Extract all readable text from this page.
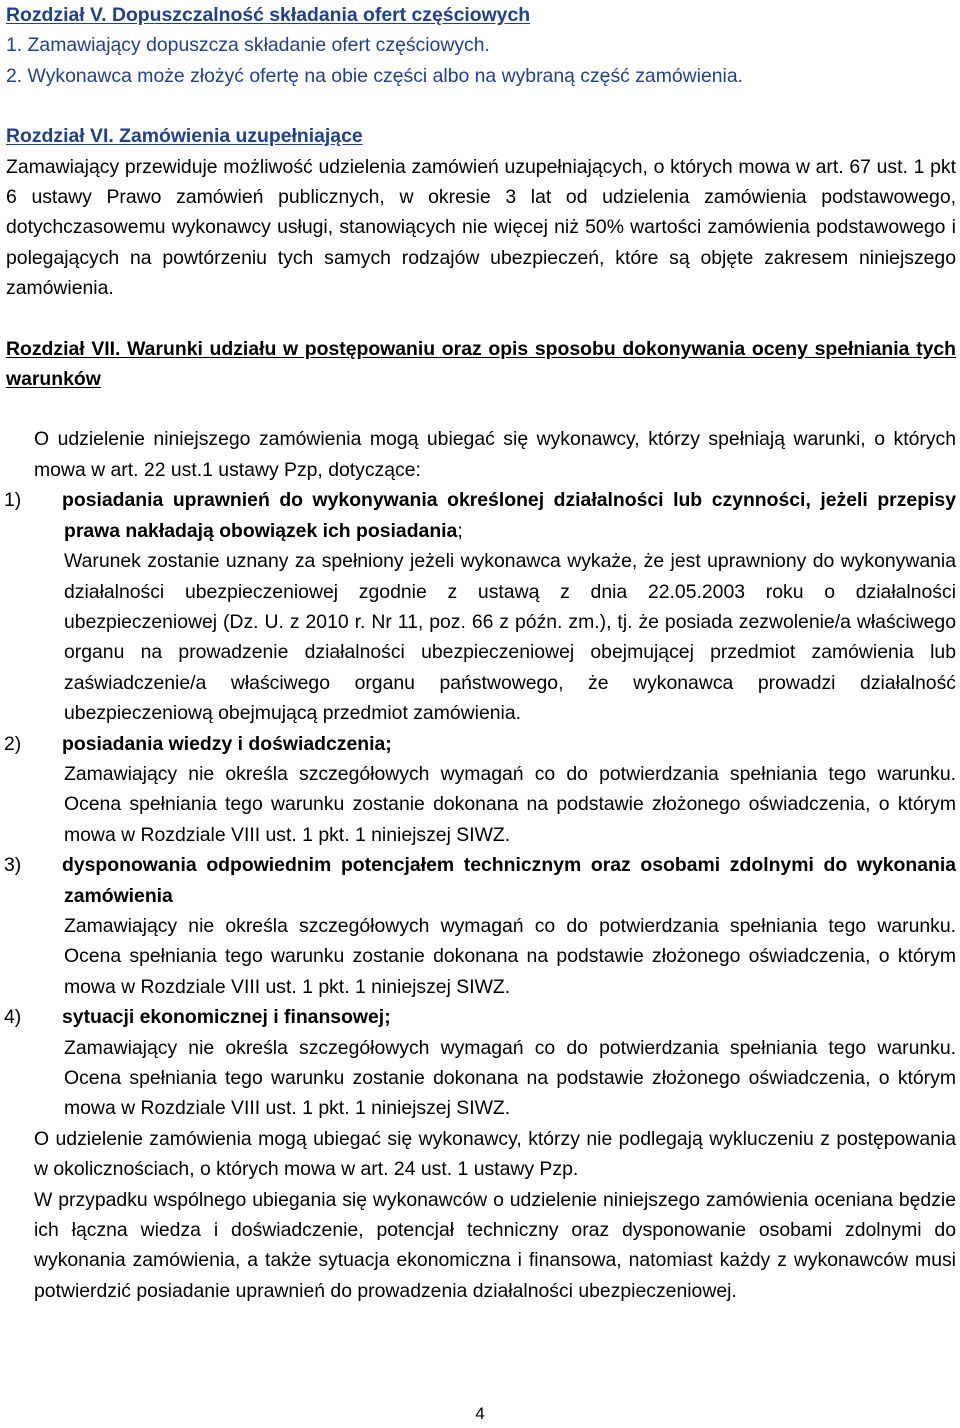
Rozdział V. Dopuszczalność składania ofert częściowych

1. Zamawiający dopuszcza składanie ofert częściowych.

2. Wykonawca może złożyć ofertę na obie części albo na wybraną część zamówienia.

Rozdział VI. Zamówienia uzupełniające

Zamawiający przewiduje możliwość udzielenia zamówień uzupełniających, o których mowa w art. 67 ust. 1 pkt 6 ustawy Prawo zamówień publicznych, w okresie 3 lat od udzielenia zamówienia podstawowego, dotychczasowemu wykonawcy usługi, stanowiących nie więcej niż 50% wartości zamówienia podstawowego i polegających na powtórzeniu tych samych rodzajów ubezpieczeń, które są objęte zakresem niniejszego zamówienia.

Rozdział VII. Warunki udziału w postępowaniu oraz opis sposobu dokonywania oceny spełniania tych warunków

O udzielenie niniejszego zamówienia mogą ubiegać się wykonawcy, którzy spełniają warunki, o których mowa w art. 22 ust.1 ustawy Pzp, dotyczące:

1) posiadania uprawnień do wykonywania określonej działalności lub czynności, jeżeli przepisy prawa nakładają obowiązek ich posiadania;

Warunek zostanie uznany za spełniony jeżeli wykonawca wykaże, że jest uprawniony do wykonywania działalności ubezpieczeniowej zgodnie z ustawą z dnia 22.05.2003 roku o działalności ubezpieczeniowej (Dz. U. z 2010 r. Nr 11, poz. 66 z późn. zm.), tj. że posiada zezwolenie/a właściwego organu na prowadzenie działalności ubezpieczeniowej obejmującej przedmiot zamówienia lub zaświadczenie/a właściwego organu państwowego, że wykonawca prowadzi działalność ubezpieczeniową obejmującą przedmiot zamówienia.

2) posiadania wiedzy i doświadczenia;

Zamawiający nie określa szczegółowych wymagań co do potwierdzania spełniania tego warunku. Ocena spełniania tego warunku zostanie dokonana na podstawie złożonego oświadczenia, o którym mowa w Rozdziale VIII ust. 1 pkt. 1 niniejszej SIWZ.

3) dysponowania odpowiednim potencjałem technicznym oraz osobami zdolnymi do wykonania zamówienia

Zamawiający nie określa szczegółowych wymagań co do potwierdzania spełniania tego warunku. Ocena spełniania tego warunku zostanie dokonana na podstawie złożonego oświadczenia, o którym mowa w Rozdziale VIII ust. 1 pkt. 1 niniejszej SIWZ.

4) sytuacji ekonomicznej i finansowej;

Zamawiający nie określa szczegółowych wymagań co do potwierdzania spełniania tego warunku. Ocena spełniania tego warunku zostanie dokonana na podstawie złożonego oświadczenia, o którym mowa w Rozdziale VIII ust. 1 pkt. 1 niniejszej SIWZ.

O udzielenie zamówienia mogą ubiegać się wykonawcy, którzy nie podlegają wykluczeniu z postępowania w okolicznościach, o których mowa w art. 24 ust. 1 ustawy Pzp.

W przypadku wspólnego ubiegania się wykonawców o udzielenie niniejszego zamówienia oceniana będzie ich łączna wiedza i doświadczenie, potencjał techniczny oraz dysponowanie osobami zdolnymi do wykonania zamówienia, a także sytuacja ekonomiczna i finansowa, natomiast każdy z wykonawców musi potwierdzić posiadanie uprawnień do prowadzenia działalności ubezpieczeniowej.

4
